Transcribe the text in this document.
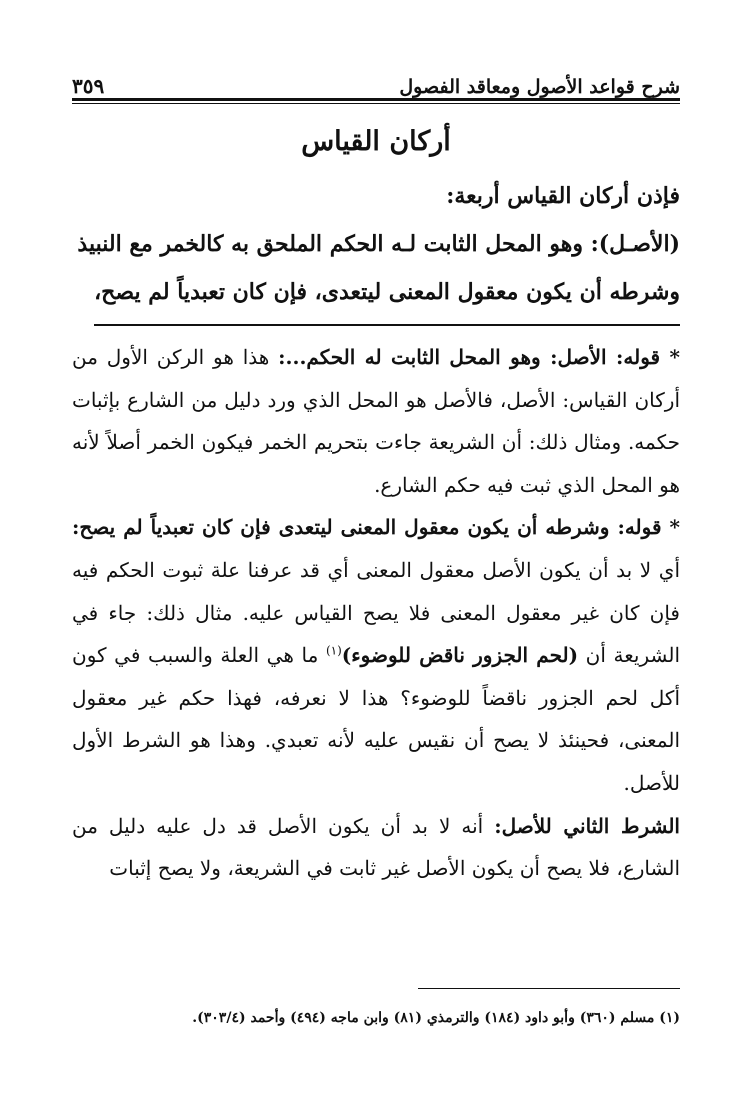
شرح قواعد الأصول ومعاقد الفصول
٣٥٩
أركان القياس

فإذن أركان القياس أربعة:

(الأصـل): وهو المحل الثابت لـه الحكم الملحق به كالخمر مع النبيذ

وشرطه أن يكون معقول المعنى ليتعدى، فإن كان تعبدياً لم يصح،

* قوله: الأصل: وهو المحل الثابت له الحكم...: هذا هو الركن الأول من أركان القياس: الأصل، فالأصل هو المحل الذي ورد دليل من الشارع بإثبات حكمه. ومثال ذلك: أن الشريعة جاءت بتحريم الخمر فيكون الخمر أصلاً لأنه هو المحل الذي ثبت فيه حكم الشارع.

* قوله: وشرطه أن يكون معقول المعنى ليتعدى فإن كان تعبدياً لم يصح: أي لا بد أن يكون الأصل معقول المعنى أي قد عرفنا علة ثبوت الحكم فيه فإن كان غير معقول المعنى فلا يصح القياس عليه. مثال ذلك: جاء في الشريعة أن (لحم الجزور ناقض للوضوء)$^{(١)}$ ما هي العلة والسبب في كون أكل لحم الجزور ناقضاً للوضوء؟ هذا لا نعرفه، فهذا حكم غير معقول المعنى، فحينئذ لا يصح أن نقيس عليه لأنه تعبدي. وهذا هو الشرط الأول للأصل.

الشرط الثاني للأصل: أنه لا بد أن يكون الأصل قد دل عليه دليل من الشارع، فلا يصح أن يكون الأصل غير ثابت في الشريعة، ولا يصح إثبات

(١) مسلم (٣٦٠) وأبو داود (١٨٤) والترمذي (٨١) وابن ماجه (٤٩٤) وأحمد (٣٠٣/٤).
